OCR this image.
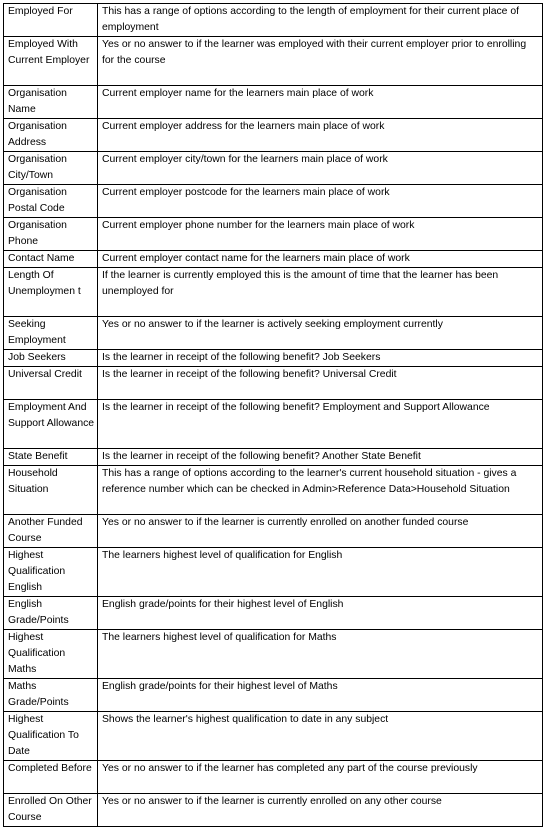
Employed For	This has a range of options according to the length of employment for their current place of employment
Employed With Current Employer	Yes or no answer to if the learner was employed with their current employer prior to enrolling for the course
Organisation Name	Current employer name for the learners main place of work
Organisation Address	Current employer address for the learners main place of work
Organisation City/Town	Current employer city/town for the learners main place of work
Organisation Postal Code	Current employer postcode for the learners main place of work
Organisation Phone	Current employer phone number for the learners main place of work
Contact Name	Current employer contact name for the learners main place of work
Length Of Unemploymen t	If the learner is currently employed this is the amount of time that the learner has been unemployed for
Seeking Employment	Yes or no answer to if the learner is actively seeking employment currently
Job Seekers	Is the learner in receipt of the following benefit? Job Seekers
Universal Credit	Is the learner in receipt of the following benefit? Universal Credit
Employment And Support Allowance	Is the learner in receipt of the following benefit? Employment and Support Allowance
State Benefit	Is the learner in receipt of the following benefit? Another State Benefit
Household Situation	This has a range of options according to the learner's current household situation - gives a reference number which can be checked in Admin>Reference Data>Household Situation
Another Funded Course	Yes or no answer to if the learner is currently enrolled on another funded course
Highest Qualification English	The learners highest level of qualification for English
English Grade/Points	English grade/points for their highest level of English
Highest Qualification Maths	The learners highest level of qualification for Maths
Maths Grade/Points	English grade/points for their highest level of Maths
Highest Qualification To Date	Shows the learner's highest qualification to date in any subject
Completed Before	Yes or no answer to if the learner has completed any part of the course previously
Enrolled On Other Course	Yes or no answer to if the learner is currently enrolled on any other course
